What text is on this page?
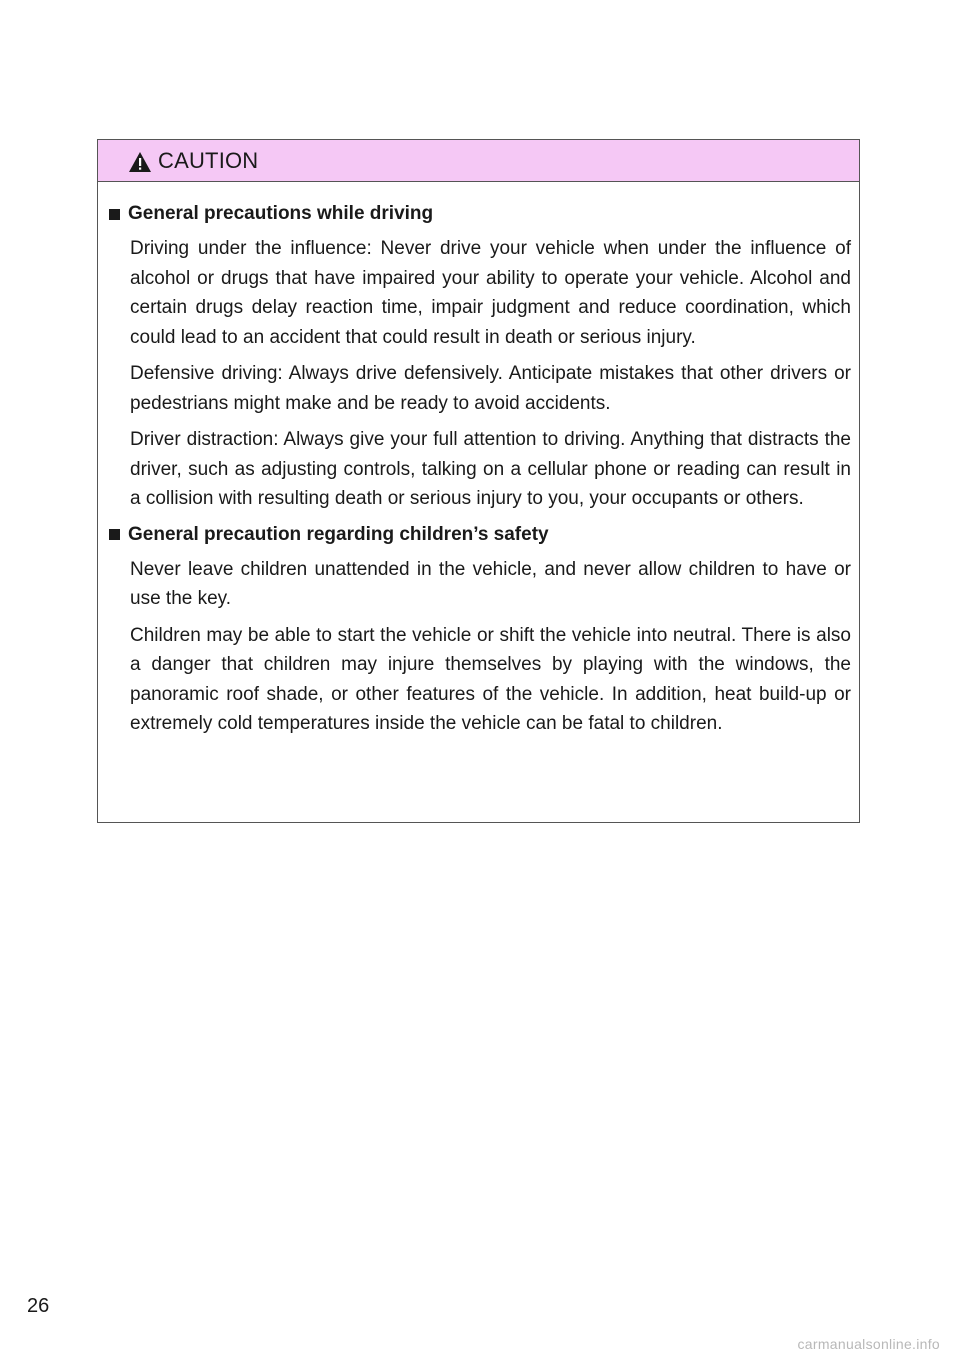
CAUTION
General precautions while driving

Driving under the influence: Never drive your vehicle when under the influence of alcohol or drugs that have impaired your ability to operate your vehicle. Alcohol and certain drugs delay reaction time, impair judgment and reduce coordination, which could lead to an accident that could result in death or serious injury.

Defensive driving: Always drive defensively. Anticipate mistakes that other drivers or pedestrians might make and be ready to avoid accidents.

Driver distraction: Always give your full attention to driving. Anything that distracts the driver, such as adjusting controls, talking on a cellular phone or reading can result in a collision with resulting death or serious injury to you, your occupants or others.

General precaution regarding children’s safety

Never leave children unattended in the vehicle, and never allow children to have or use the key.

Children may be able to start the vehicle or shift the vehicle into neutral. There is also a danger that children may injure themselves by playing with the windows, the panoramic roof shade, or other features of the vehicle. In addition, heat build-up or extremely cold temperatures inside the vehicle can be fatal to children.

26
carmanualsonline.info
